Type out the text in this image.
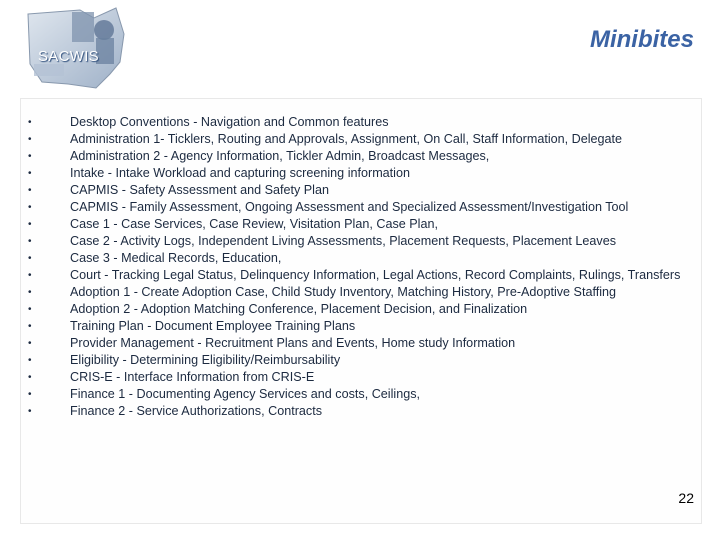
SACWIS
Minibites
•	Desktop Conventions - Navigation and Common features
•	Administration 1- Ticklers, Routing and Approvals, Assignment, On Call, Staff Information, Delegate
•	Administration 2 - Agency Information, Tickler Admin, Broadcast Messages,
•	Intake - Intake Workload and capturing screening information
•	CAPMIS - Safety Assessment and Safety Plan
•	CAPMIS - Family Assessment, Ongoing Assessment and Specialized Assessment/Investigation Tool
•	Case 1 - Case Services, Case Review, Visitation Plan, Case Plan,
•	Case 2 - Activity Logs, Independent Living Assessments, Placement Requests, Placement Leaves
•	Case 3 - Medical Records, Education,
•	Court - Tracking Legal Status, Delinquency Information, Legal Actions, Record Complaints, Rulings, Transfers
•	Adoption 1 - Create Adoption Case, Child Study Inventory, Matching History, Pre-Adoptive Staffing
•	Adoption 2 - Adoption Matching Conference, Placement Decision, and Finalization
•	Training Plan - Document Employee Training Plans
•	Provider Management - Recruitment Plans and Events, Home study Information
•	Eligibility - Determining Eligibility/Reimbursability
•	CRIS-E - Interface Information from CRIS-E
•	Finance 1 - Documenting Agency Services and costs, Ceilings,
•	Finance 2 - Service Authorizations, Contracts
22
